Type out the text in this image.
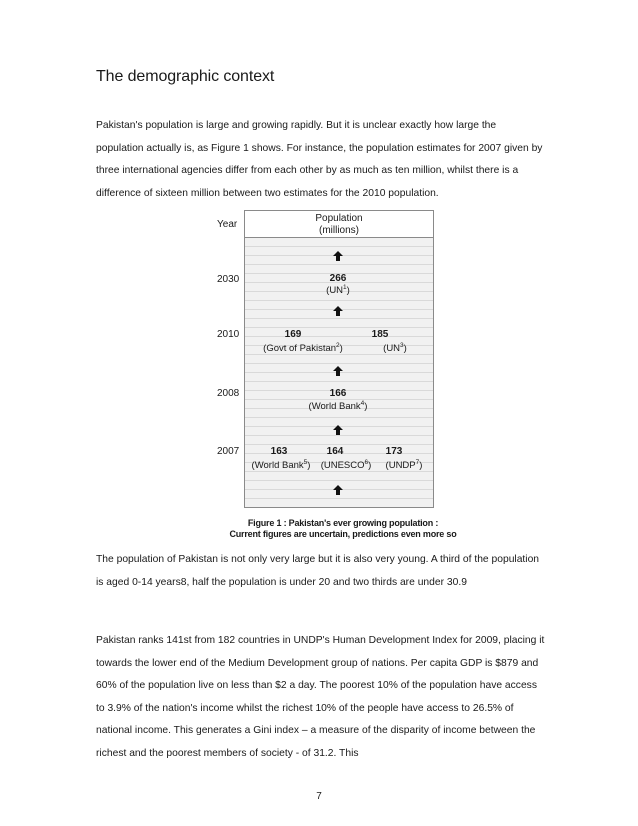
The demographic context

Pakistan's population is large and growing rapidly. But it is unclear exactly how large the population actually is, as Figure 1 shows. For instance, the population estimates for 2007 given by three international agencies differ from each other by as much as ten million, whilst there is a difference of sixteen million between two estimates for the 2010 population.

Year
Population
(millions)
2030
2010
2008
2007
266
$(UN^1)$
169
(Govt of Pakistan$^2$)
185
$(UN^3)$
166
(World Bank$^4$)
163
(World Bank$^5$)
164
(UNESCO$^6$)
173
(UNDP$^7$)
Figure 1 : Pakistan's ever growing population :
Current figures are uncertain, predictions even more so

The population of Pakistan is not only very large but it is also very young. A third of the population is aged 0-14 years8, half the population is under 20 and two thirds are under 30.9

Pakistan ranks 141st from 182 countries in UNDP's Human Development Index for 2009, placing it towards the lower end of the Medium Development group of nations. Per capita GDP is $879 and 60% of the population live on less than $2 a day. The poorest 10% of the population have access to 3.9% of the nation's income whilst the richest 10% of the people have access to 26.5% of national income. This generates a Gini index – a measure of the disparity of income between the richest and the poorest members of society - of 31.2. This

7
